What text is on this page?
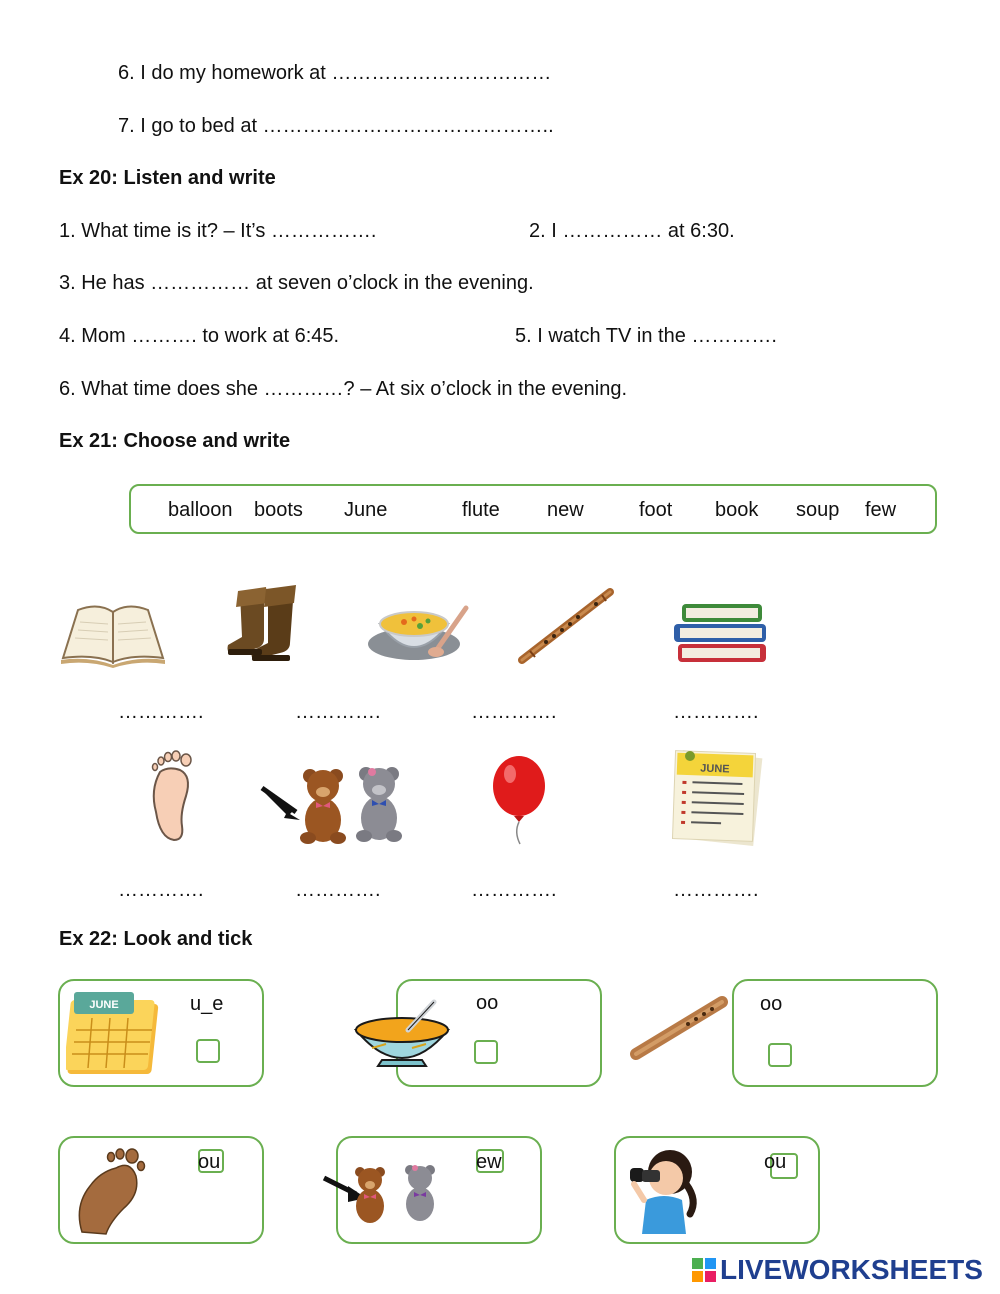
6. I do my homework at ……………………………
7. I go to bed at ……………………………………..
Ex 20: Listen and write
1. What time is it? – It’s …………….	2. I …………… at 6:30.
3. He has …………… at seven o’clock in the evening.
4. Mom ………. to work at 6:45.	5. I watch TV in the ………….
6. What time does she …………? – At six o’clock in the evening.
Ex 21: Choose and write
balloon boots June	flute new	foot book soup few
………….	………….	………….	………….
JUNE
………….	………….	………….	………….
Ex 22: Look and tick
JUNE	u_e	oo	oo
ou	ew	ou
LIVEWORKSHEETS
